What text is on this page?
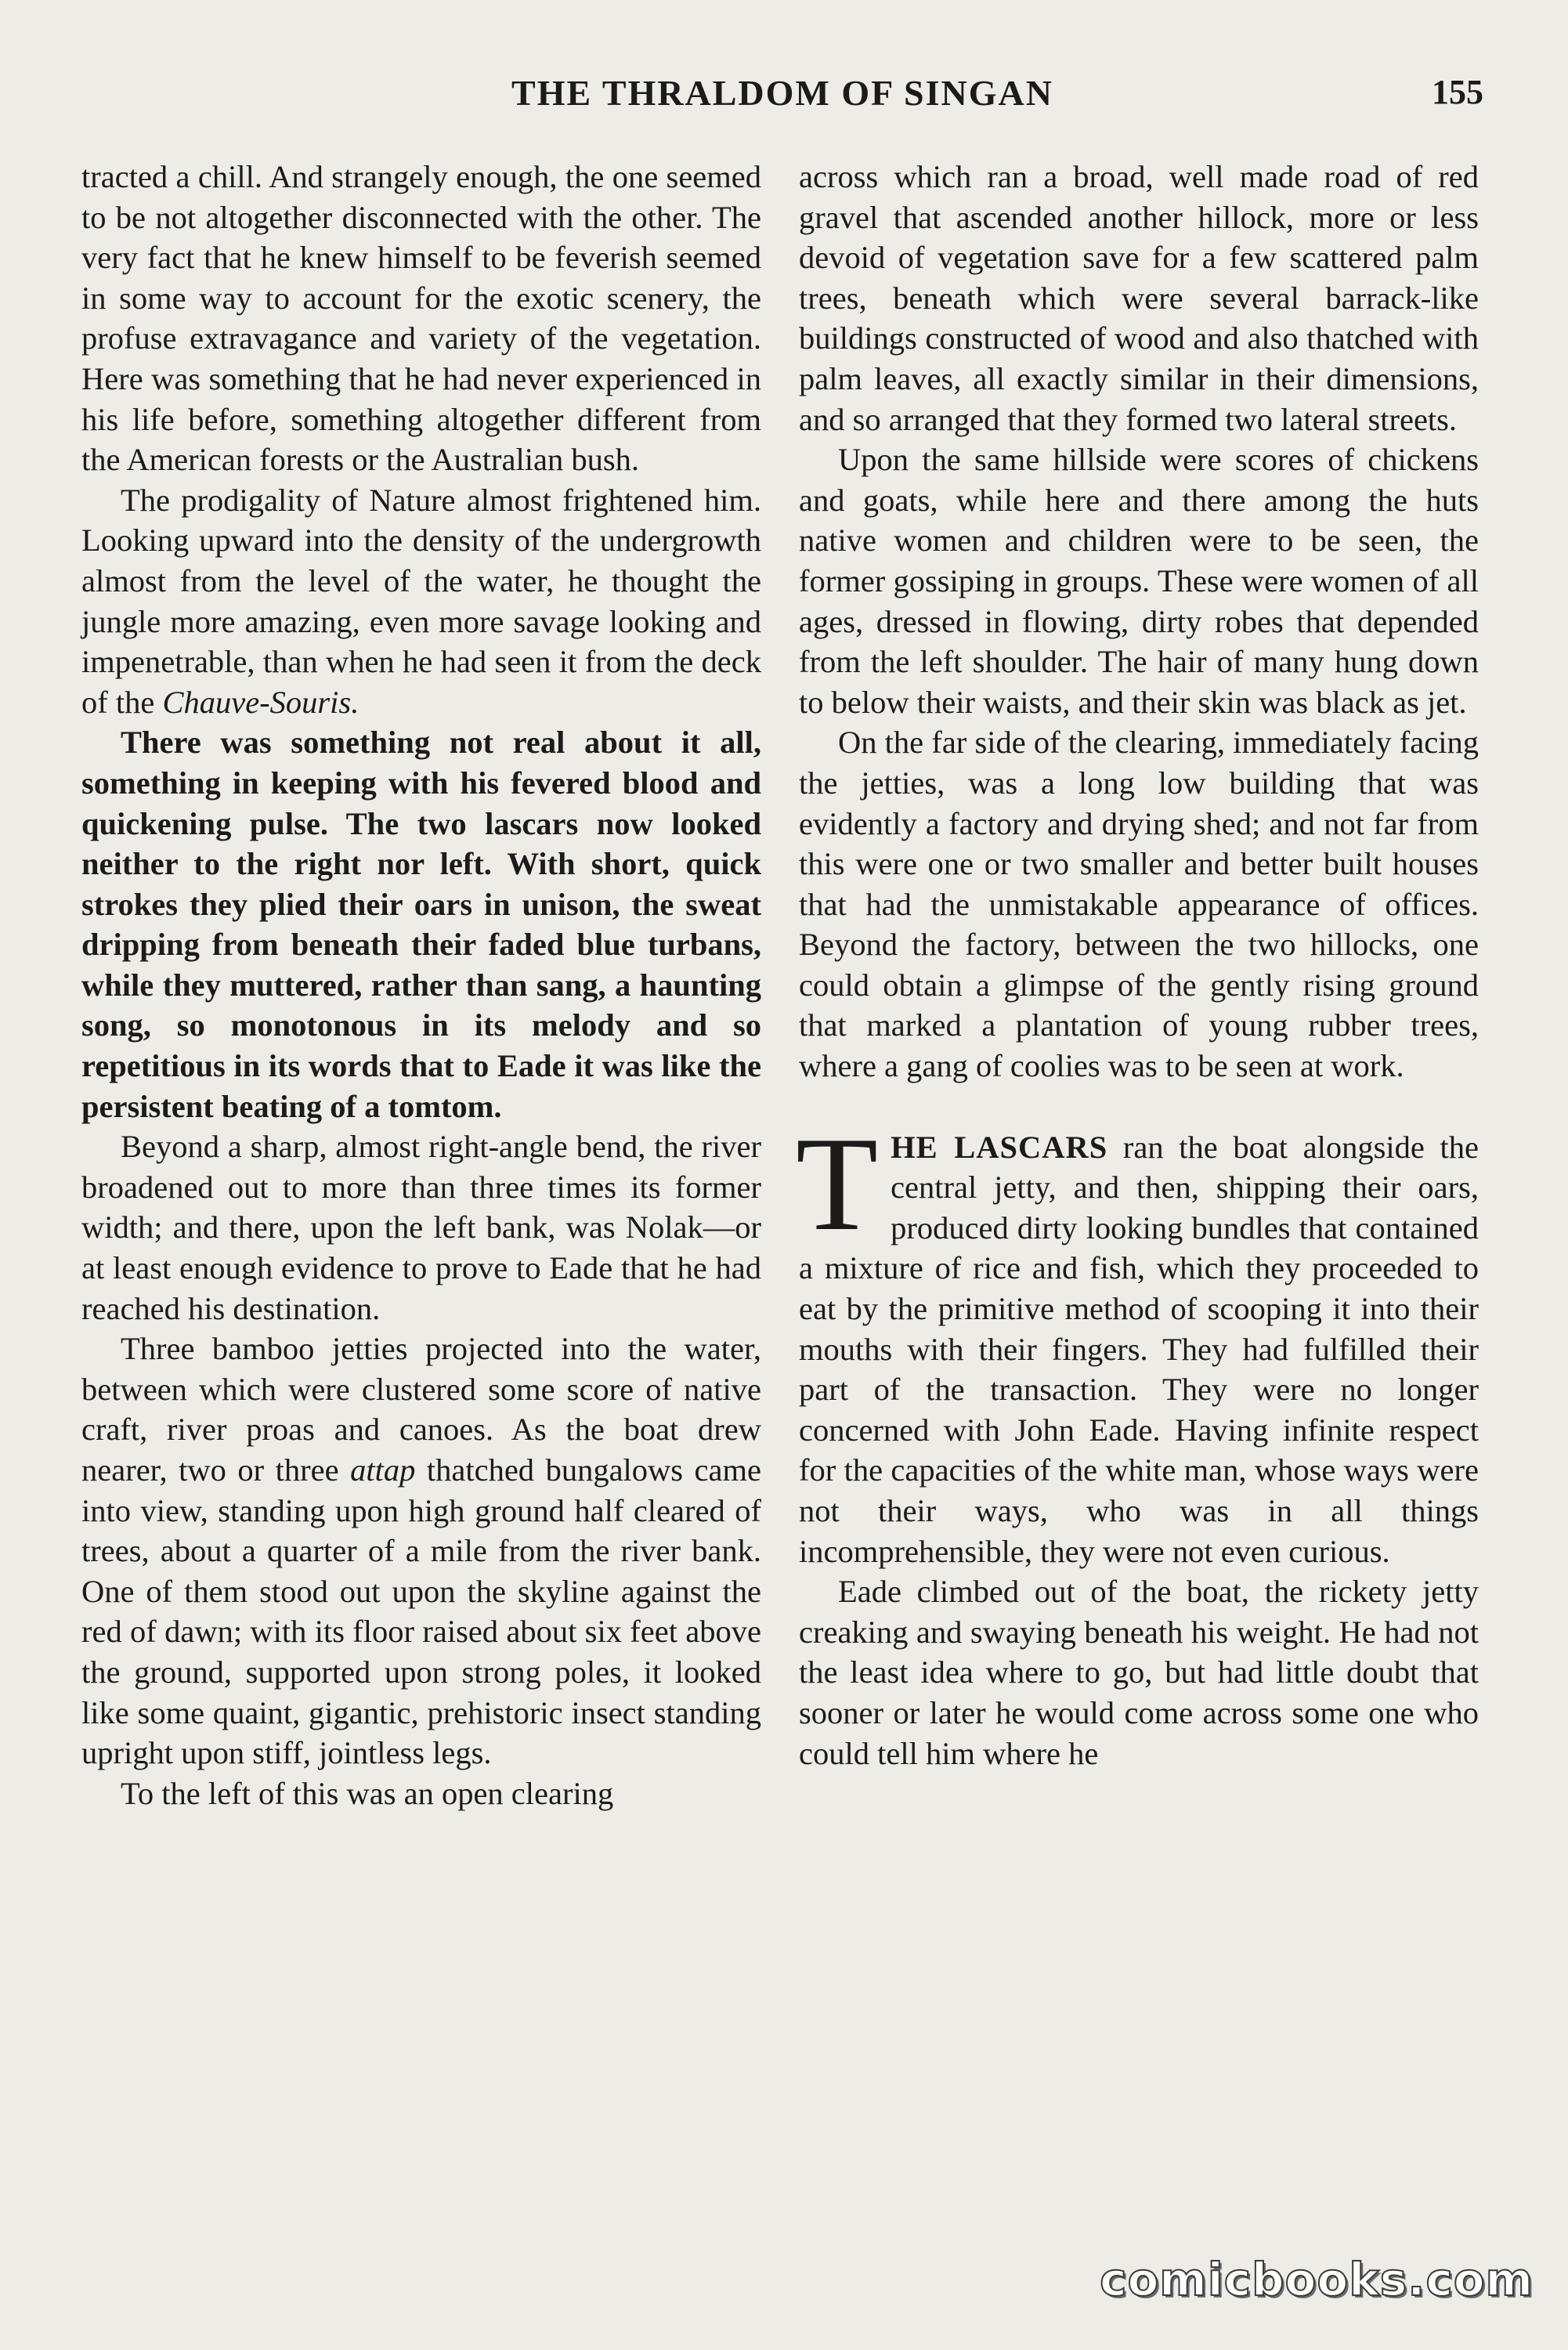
THE THRALDOM OF SINGAN	155

tracted a chill. And strangely enough, the one seemed to be not altogether disconnected with the other. The very fact that he knew himself to be feverish seemed in some way to account for the exotic scenery, the profuse extravagance and variety of the vegetation. Here was something that he had never experienced in his life before, something altogether different from the American forests or the Australian bush.

The prodigality of Nature almost frightened him. Looking upward into the density of the undergrowth almost from the level of the water, he thought the jungle more amazing, even more savage looking and impenetrable, than when he had seen it from the deck of the Chauve-Souris.

There was something not real about it all, something in keeping with his fevered blood and quickening pulse. The two lascars now looked neither to the right nor left. With short, quick strokes they plied their oars in unison, the sweat dripping from beneath their faded blue turbans, while they muttered, rather than sang, a haunting song, so monotonous in its melody and so repetitious in its words that to Eade it was like the persistent beating of a tomtom.

Beyond a sharp, almost right-angle bend, the river broadened out to more than three times its former width; and there, upon the left bank, was Nolak—or at least enough evidence to prove to Eade that he had reached his destination.

Three bamboo jetties projected into the water, between which were clustered some score of native craft, river proas and canoes. As the boat drew nearer, two or three attap thatched bungalows came into view, standing upon high ground half cleared of trees, about a quarter of a mile from the river bank. One of them stood out upon the skyline against the red of dawn; with its floor raised about six feet above the ground, supported upon strong poles, it looked like some quaint, gigantic, prehistoric insect standing upright upon stiff, jointless legs.

To the left of this was an open clearing

across which ran a broad, well made road of red gravel that ascended another hillock, more or less devoid of vegetation save for a few scattered palm trees, beneath which were several barrack-like buildings constructed of wood and also thatched with palm leaves, all exactly similar in their dimensions, and so arranged that they formed two lateral streets.

Upon the same hillside were scores of chickens and goats, while here and there among the huts native women and children were to be seen, the former gossiping in groups. These were women of all ages, dressed in flowing, dirty robes that depended from the left shoulder. The hair of many hung down to below their waists, and their skin was black as jet.

On the far side of the clearing, immediately facing the jetties, was a long low building that was evidently a factory and drying shed; and not far from this were one or two smaller and better built houses that had the unmistakable appearance of offices. Beyond the factory, between the two hillocks, one could obtain a glimpse of the gently rising ground that marked a plantation of young rubber trees, where a gang of coolies was to be seen at work.

THE LASCARS ran the boat alongside the central jetty, and then, shipping their oars, produced dirty looking bundles that contained a mixture of rice and fish, which they proceeded to eat by the primitive method of scooping it into their mouths with their fingers. They had fulfilled their part of the transaction. They were no longer concerned with John Eade. Having infinite respect for the capacities of the white man, whose ways were not their ways, who was in all things incomprehensible, they were not even curious.

Eade climbed out of the boat, the rickety jetty creaking and swaying beneath his weight. He had not the least idea where to go, but had little doubt that sooner or later he would come across some one who could tell him where he

comicbooks.com
